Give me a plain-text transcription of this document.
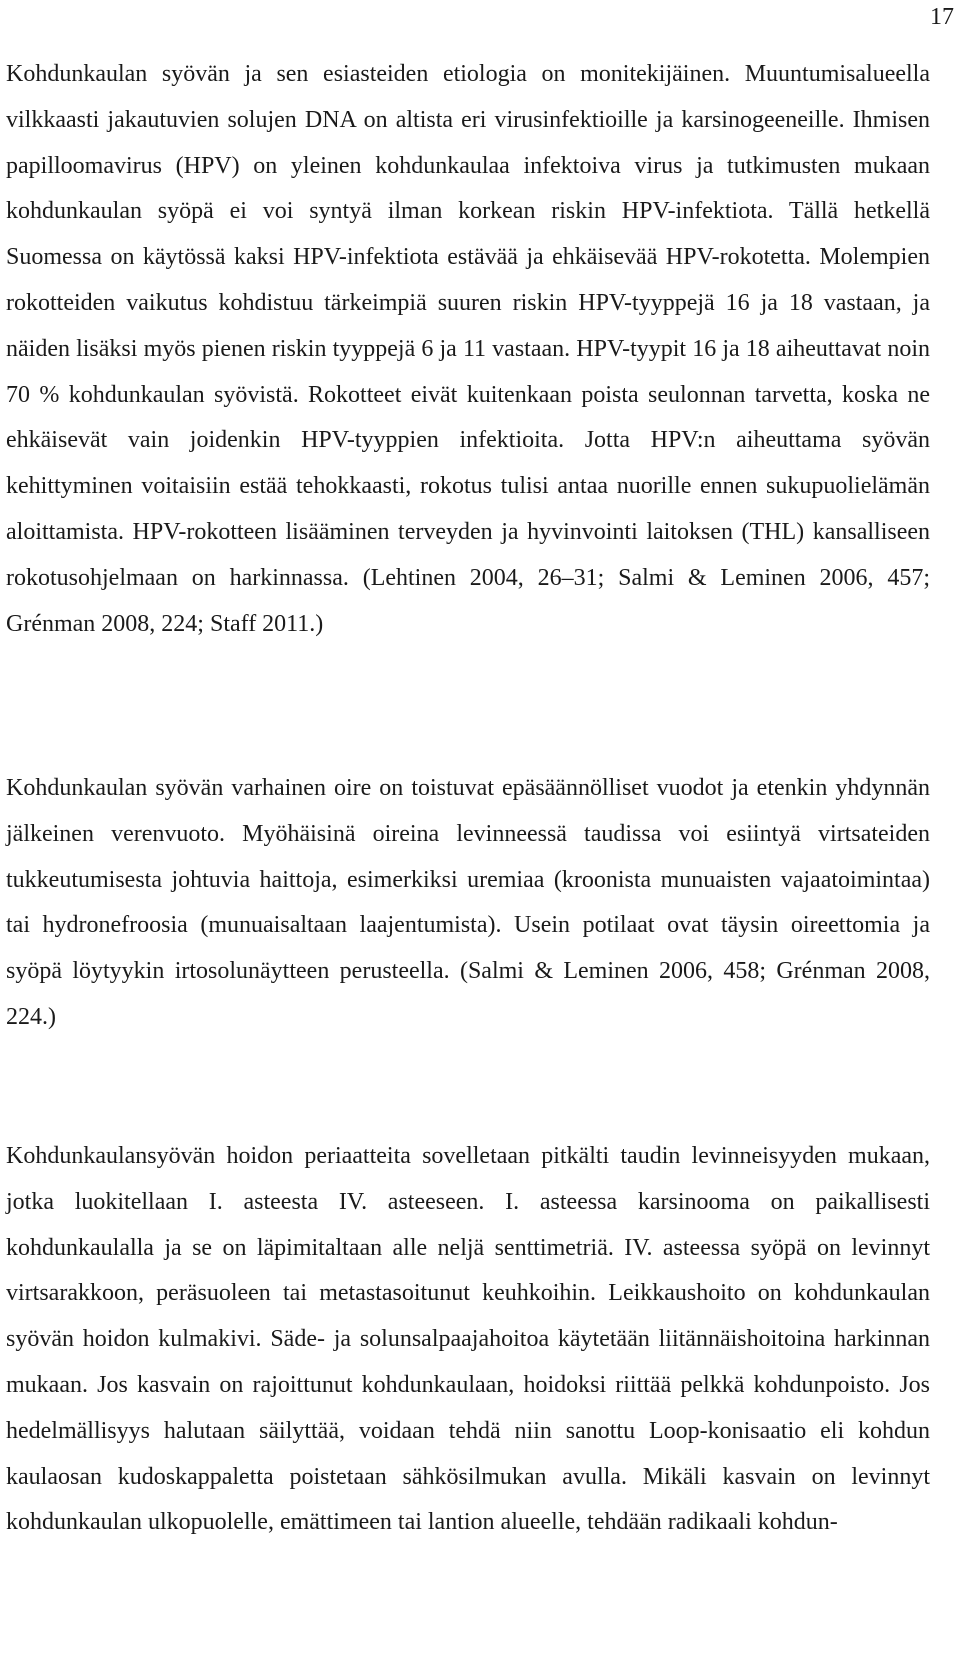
17

Kohdunkaulan syövän ja sen esiasteiden etiologia on monitekijäinen. Muuntumisalueella vilkkaasti jakautuvien solujen DNA on altista eri virusinfektioille ja karsinogeeneille. Ihmisen papilloomavirus (HPV) on yleinen kohdunkaulaa infektoiva virus ja tutkimusten mukaan kohdunkaulan syöpä ei voi syntyä ilman korkean riskin HPV-infektiota. Tällä hetkellä Suomessa on käytössä kaksi HPV-infektiota estävää ja ehkäisevää HPV-rokotetta. Molempien rokotteiden vaikutus kohdistuu tärkeimpiä suuren riskin HPV-tyyppejä 16 ja 18 vastaan, ja näiden lisäksi myös pienen riskin tyyppejä 6 ja 11 vastaan. HPV-tyypit 16 ja 18 aiheuttavat noin 70 % kohdunkaulan syövistä. Rokotteet eivät kuitenkaan poista seulonnan tarvetta, koska ne ehkäisevät vain joidenkin HPV-tyyppien infektioita. Jotta HPV:n aiheuttama syövän kehittyminen voitaisiin estää tehokkaasti, rokotus tulisi antaa nuorille ennen sukupuolielämän aloittamista. HPV-rokotteen lisääminen terveyden ja hyvinvointi laitoksen (THL) kansalliseen rokotusohjelmaan on harkinnassa. (Lehtinen 2004, 26–31; Salmi & Leminen 2006, 457; Grénman 2008, 224; Staff 2011.)

Kohdunkaulan syövän varhainen oire on toistuvat epäsäännölliset vuodot ja etenkin yhdynnän jälkeinen verenvuoto. Myöhäisinä oireina levinneessä taudissa voi esiintyä virtsateiden tukkeutumisesta johtuvia haittoja, esimerkiksi uremiaa (kroonista munuaisten vajaatoimintaa) tai hydronefroosia (munuaisaltaan laajentumista). Usein potilaat ovat täysin oireettomia ja syöpä löytyykin irtosolunäytteen perusteella. (Salmi & Leminen 2006, 458; Grénman 2008, 224.)

Kohdunkaulansyövän hoidon periaatteita sovelletaan pitkälti taudin levinneisyyden mukaan, jotka luokitellaan I. asteesta IV. asteeseen. I. asteessa karsinooma on paikallisesti kohdunkaulalla ja se on läpimitaltaan alle neljä senttimetriä. IV. asteessa syöpä on levinnyt virtsarakkoon, peräsuoleen tai metastasoitunut keuhkoihin. Leikkaushoito on kohdunkaulan syövän hoidon kulmakivi. Säde- ja solunsalpaajahoitoa käytetään liitännäishoitoina harkinnan mukaan. Jos kasvain on rajoittunut kohdunkaulaan, hoidoksi riittää pelkkä kohdunpoisto. Jos hedelmällisyys halutaan säilyttää, voidaan tehdä niin sanottu Loop-konisaatio eli kohdun kaulaosan kudoskappaletta poistetaan sähkösilmukan avulla. Mikäli kasvain on levinnyt kohdunkaulan ulkopuolelle, emättimeen tai lantion alueelle, tehdään radikaali kohdun-
